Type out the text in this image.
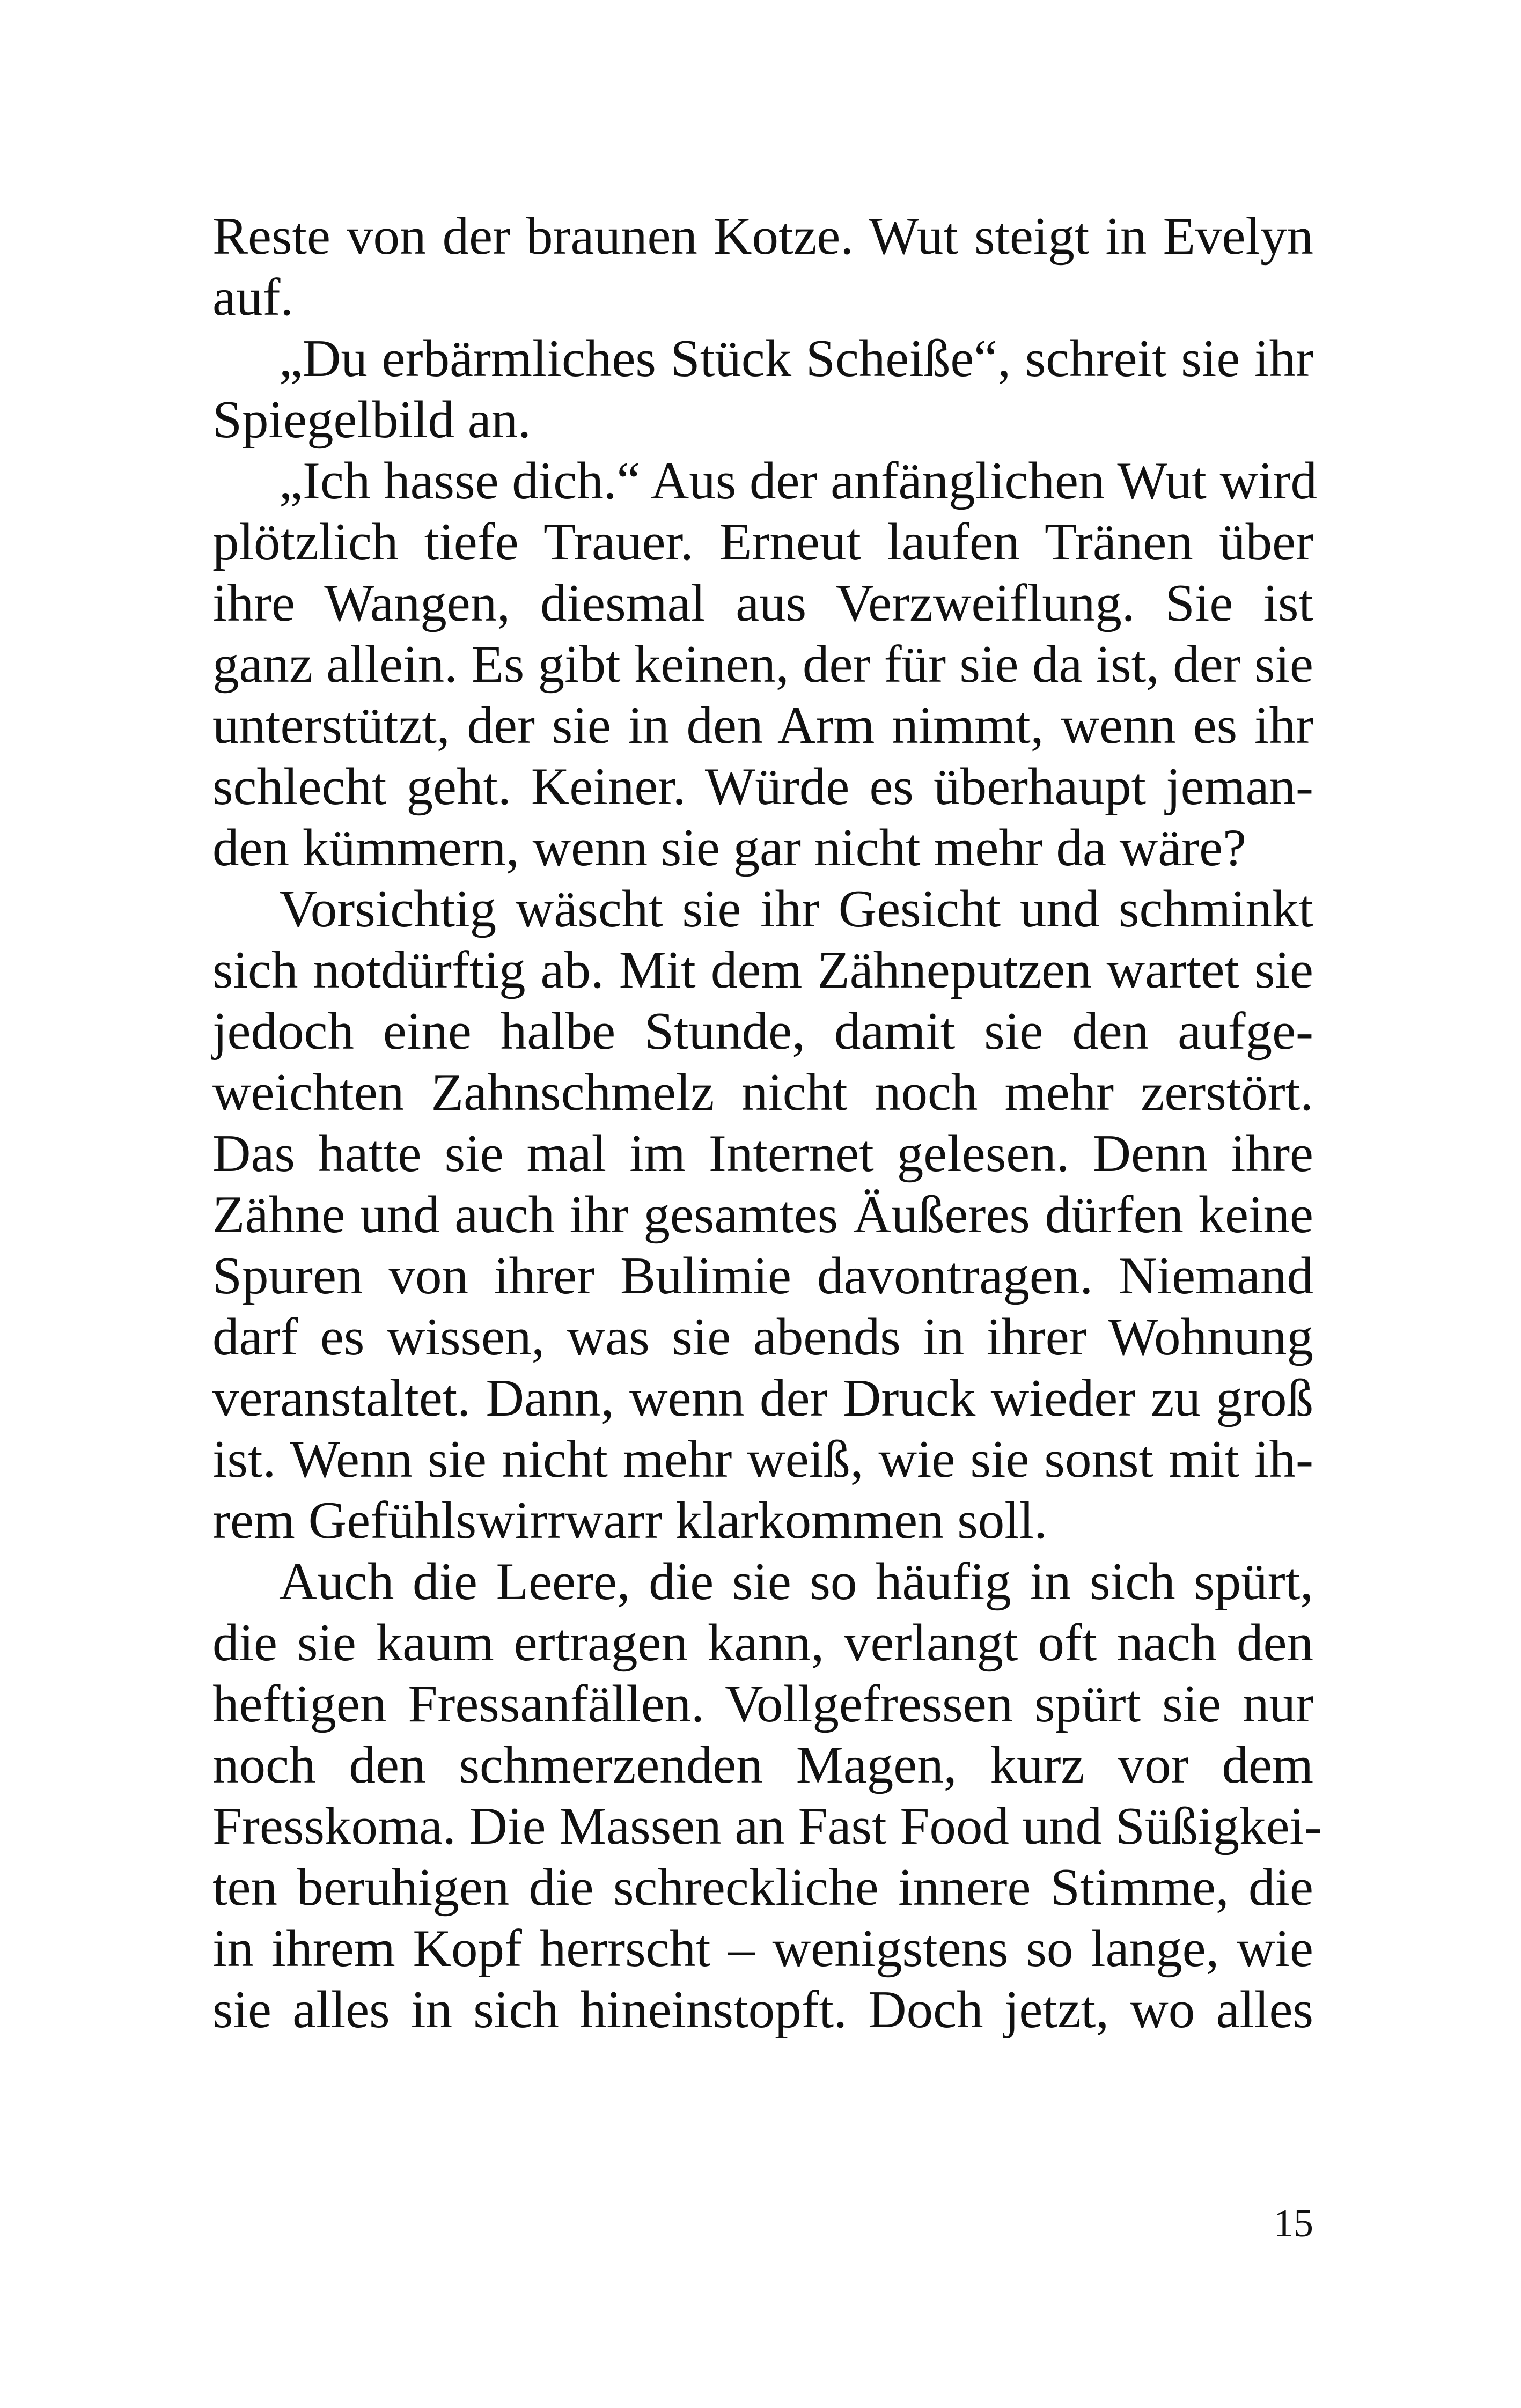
Reste von der braunen Kotze. Wut steigt in Evelyn
auf.
„Du erbärmliches Stück Scheiße“, schreit sie ihr
Spiegelbild an.
„Ich hasse dich.“ Aus der anfänglichen Wut wird
plötzlich tiefe Trauer. Erneut laufen Tränen über
ihre Wangen, diesmal aus Verzweiflung. Sie ist
ganz allein. Es gibt keinen, der für sie da ist, der sie
unterstützt, der sie in den Arm nimmt, wenn es ihr
schlecht geht. Keiner. Würde es überhaupt jeman-
den kümmern, wenn sie gar nicht mehr da wäre?
Vorsichtig wäscht sie ihr Gesicht und schminkt
sich notdürftig ab. Mit dem Zähneputzen wartet sie
jedoch eine halbe Stunde, damit sie den aufge-
weichten Zahnschmelz nicht noch mehr zerstört.
Das hatte sie mal im Internet gelesen. Denn ihre
Zähne und auch ihr gesamtes Äußeres dürfen keine
Spuren von ihrer Bulimie davontragen. Niemand
darf es wissen, was sie abends in ihrer Wohnung
veranstaltet. Dann, wenn der Druck wieder zu groß
ist. Wenn sie nicht mehr weiß, wie sie sonst mit ih-
rem Gefühlswirrwarr klarkommen soll.
Auch die Leere, die sie so häufig in sich spürt,
die sie kaum ertragen kann, verlangt oft nach den
heftigen Fressanfällen. Vollgefressen spürt sie nur
noch den schmerzenden Magen, kurz vor dem
Fresskoma. Die Massen an Fast Food und Süßigkei-
ten beruhigen die schreckliche innere Stimme, die
in ihrem Kopf herrscht – wenigstens so lange, wie
sie alles in sich hineinstopft. Doch jetzt, wo alles
15
